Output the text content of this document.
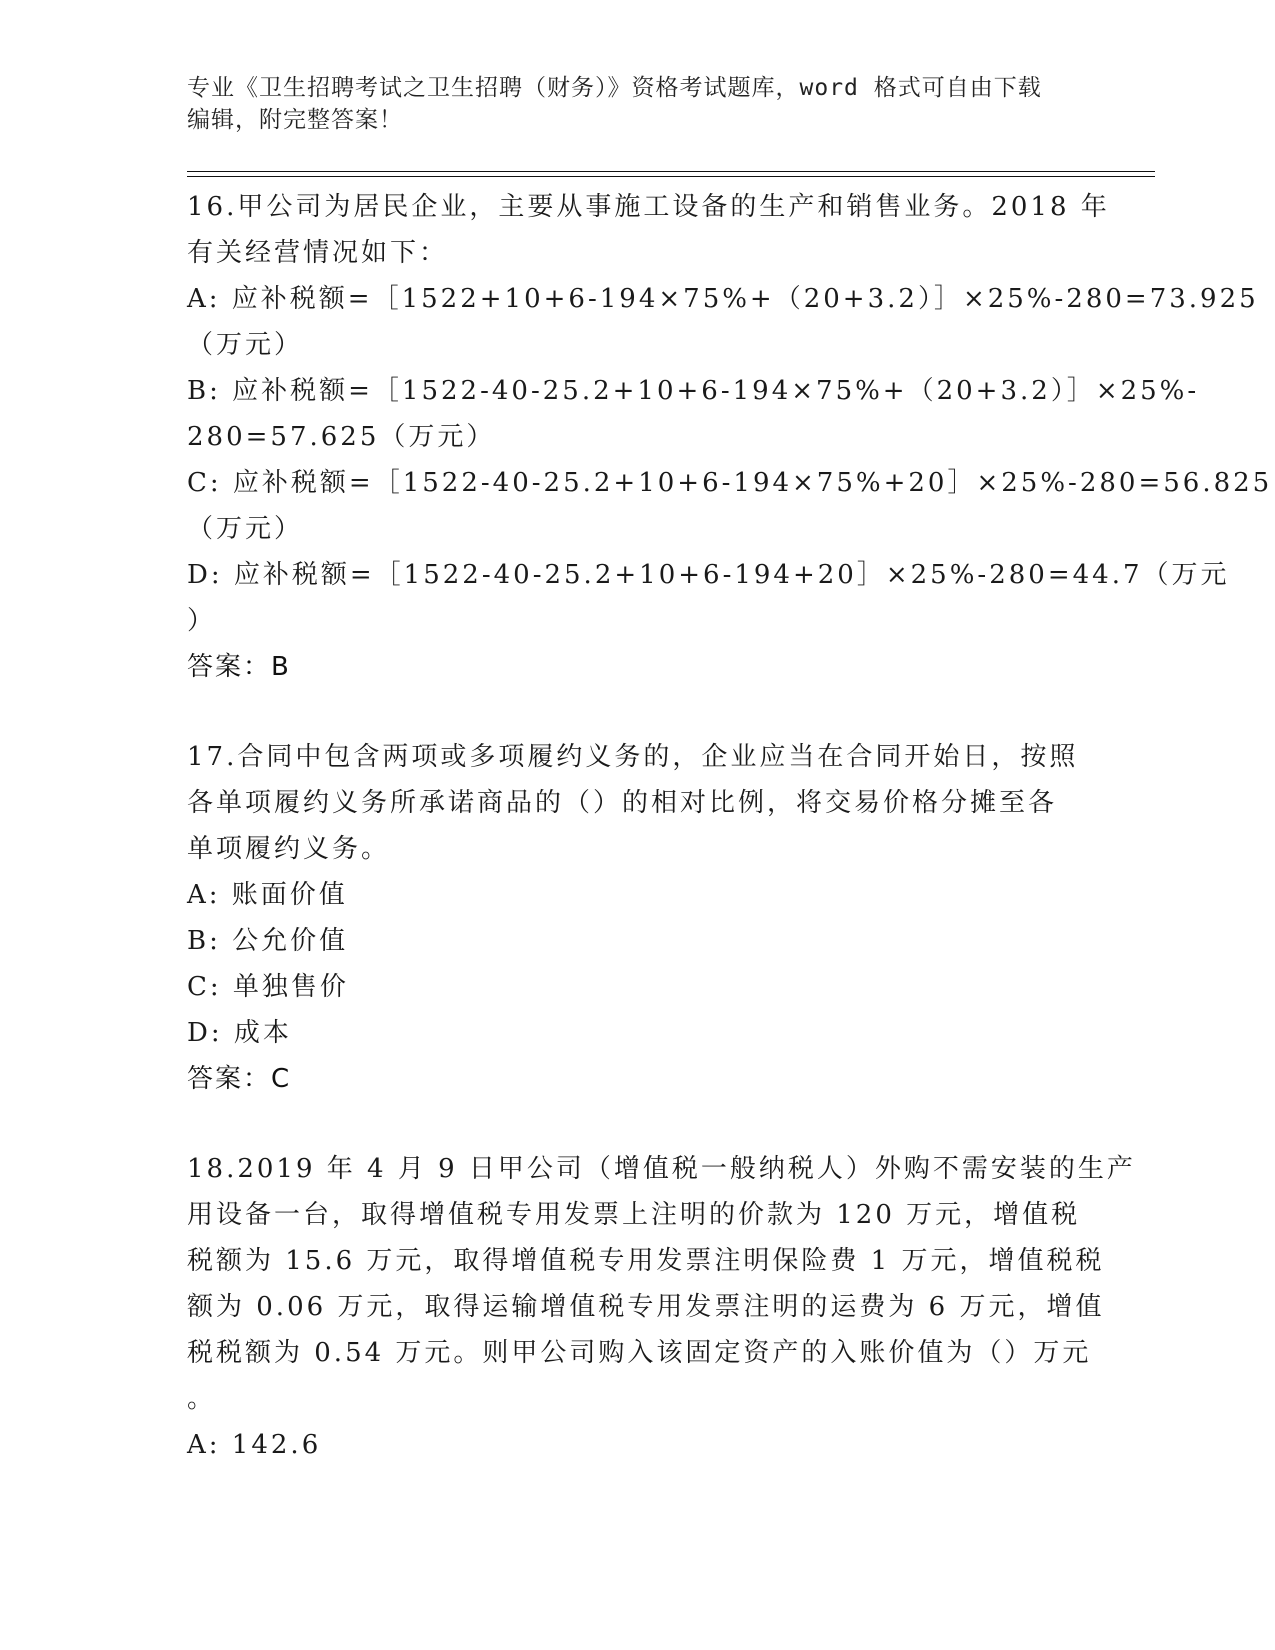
专业《卫生招聘考试之卫生招聘（财务）》资格考试题库，word 格式可自由下载
编辑，附完整答案！
16.甲公司为居民企业，主要从事施工设备的生产和销售业务。2018 年
有关经营情况如下：
A: 应补税额=［1522+10+6-194×75%+（20+3.2）］×25%-280=73.925
（万元）
B: 应补税额=［1522-40-25.2+10+6-194×75%+（20+3.2）］×25%-
280=57.625（万元）
C: 应补税额=［1522-40-25.2+10+6-194×75%+20］×25%-280=56.825
（万元）
D: 应补税额=［1522-40-25.2+10+6-194+20］×25%-280=44.7（万元
）
答案：B
17.合同中包含两项或多项履约义务的，企业应当在合同开始日，按照
各单项履约义务所承诺商品的（）的相对比例，将交易价格分摊至各
单项履约义务。
A: 账面价值
B: 公允价值
C: 单独售价
D: 成本
答案：C
18.2019 年 4 月 9 日甲公司（增值税一般纳税人）外购不需安装的生产
用设备一台，取得增值税专用发票上注明的价款为 120 万元，增值税
税额为 15.6 万元，取得增值税专用发票注明保险费 1 万元，增值税税
额为 0.06 万元，取得运输增值税专用发票注明的运费为 6 万元，增值
税税额为 0.54 万元。则甲公司购入该固定资产的入账价值为（）万元
。
A: 142.6
